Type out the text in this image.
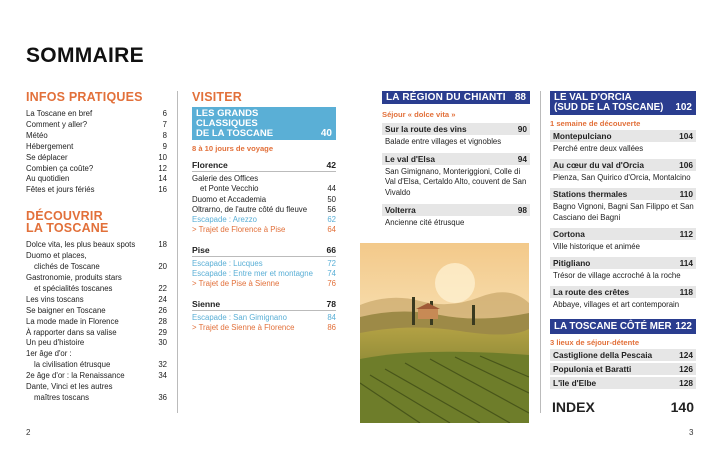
SOMMAIRE
INFOS PRATIQUES
La Toscane en bref	6
Comment y aller?	7
Météo	8
Hébergement	9
Se déplacer	10
Combien ça coûte?	12
Au quotidien	14
Fêtes et jours fériés	16
DÉCOUVRIR
LA TOSCANE
Dolce vita, les plus beaux spots	18
Duomo et places,
clichés de Toscane	20
Gastronomie, produits stars
et spécialités toscanes	22
Les vins toscans	24
Se baigner en Toscane	26
La mode made in Florence	28
À rapporter dans sa valise	29
Un peu d'histoire	30
1er âge d'or :
la civilisation étrusque	32
2e âge d'or : la Renaissance	34
Dante, Vinci et les autres
maîtres toscans	36
VISITER
LES GRANDS CLASSIQUES
DE LA TOSCANE	40
8 à 10 jours de voyage
Florence	42
Galerie des Offices
et Ponte Vecchio	44
Duomo et Accademia	50
Oltrarno, de l'autre côté du fleuve	56
Escapade : Arezzo	62
> Trajet de Florence à Pise	64
Pise	66
Escapade : Lucques	72
Escapade : Entre mer et montagne 74
> Trajet de Pise à Sienne	76
Sienne	78
Escapade : San Gimignano	84
> Trajet de Sienne à Florence	86
LA RÉGION DU CHIANTI 88
Séjour « dolce vita »
Sur la route des vins	90
Balade entre villages et vignobles
Le val d'Elsa	94
San Gimignano, Monteriggioni, Colle di Val d'Elsa, Certaldo Alto, couvent de San Vivaldo
Volterra	98
Ancienne cité étrusque
LE VAL D'ORCIA
(SUD DE LA TOSCANE) 102
1 semaine de découverte
Montepulciano	104
Perché entre deux vallées
Au cœur du val d'Orcia	106
Pienza, San Quirico d'Orcia, Montalcino
Stations thermales	110
Bagno Vignoni, Bagni San Filippo et San Casciano dei Bagni
Cortona	112
Ville historique et animée
Pitigliano	114
Trésor de village accroché à la roche
La route des crêtes	118
Abbaye, villages et art contemporain
LA TOSCANE CÔTÉ MER 122
3 lieux de séjour-détente
Castiglione della Pescaia	124
Populonia et Baratti	126
L'île d'Elbe	128
INDEX	140
2	3
